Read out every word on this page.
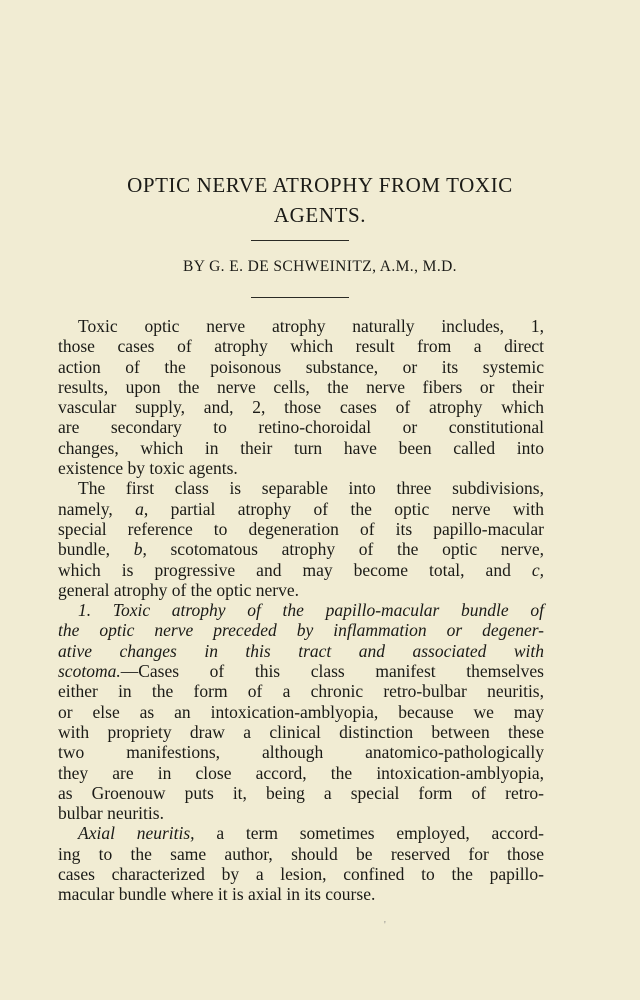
OPTIC NERVE ATROPHY FROM TOXIC
AGENTS.
BY G. E. DE SCHWEINITZ, A.M., M.D.
Toxic optic nerve atrophy naturally includes, 1,
those cases of atrophy which result from a direct
action of the poisonous substance, or its systemic
results, upon the nerve cells, the nerve fibers or their
vascular supply, and, 2, those cases of atrophy which
are secondary to retino-choroidal or constitutional
changes, which in their turn have been called into
existence by toxic agents.
The first class is separable into three subdivisions,
namely, a, partial atrophy of the optic nerve with
special reference to degeneration of its papillo-macular
bundle, b, scotomatous atrophy of the optic nerve,
which is progressive and may become total, and c,
general atrophy of the optic nerve.
1. Toxic atrophy of the papillo-macular bundle of
the optic nerve preceded by inflammation or degener-
ative changes in this tract and associated with
scotoma.—Cases of this class manifest themselves
either in the form of a chronic retro-bulbar neuritis,
or else as an intoxication-amblyopia, because we may
with propriety draw a clinical distinction between these
two manifestions, although anatomico-pathologically
they are in close accord, the intoxication-amblyopia,
as Groenouw puts it, being a special form of retro-
bulbar neuritis.
Axial neuritis, a term sometimes employed, accord-
ing to the same author, should be reserved for those
cases characterized by a lesion, confined to the papillo-
macular bundle where it is axial in its course.
'
